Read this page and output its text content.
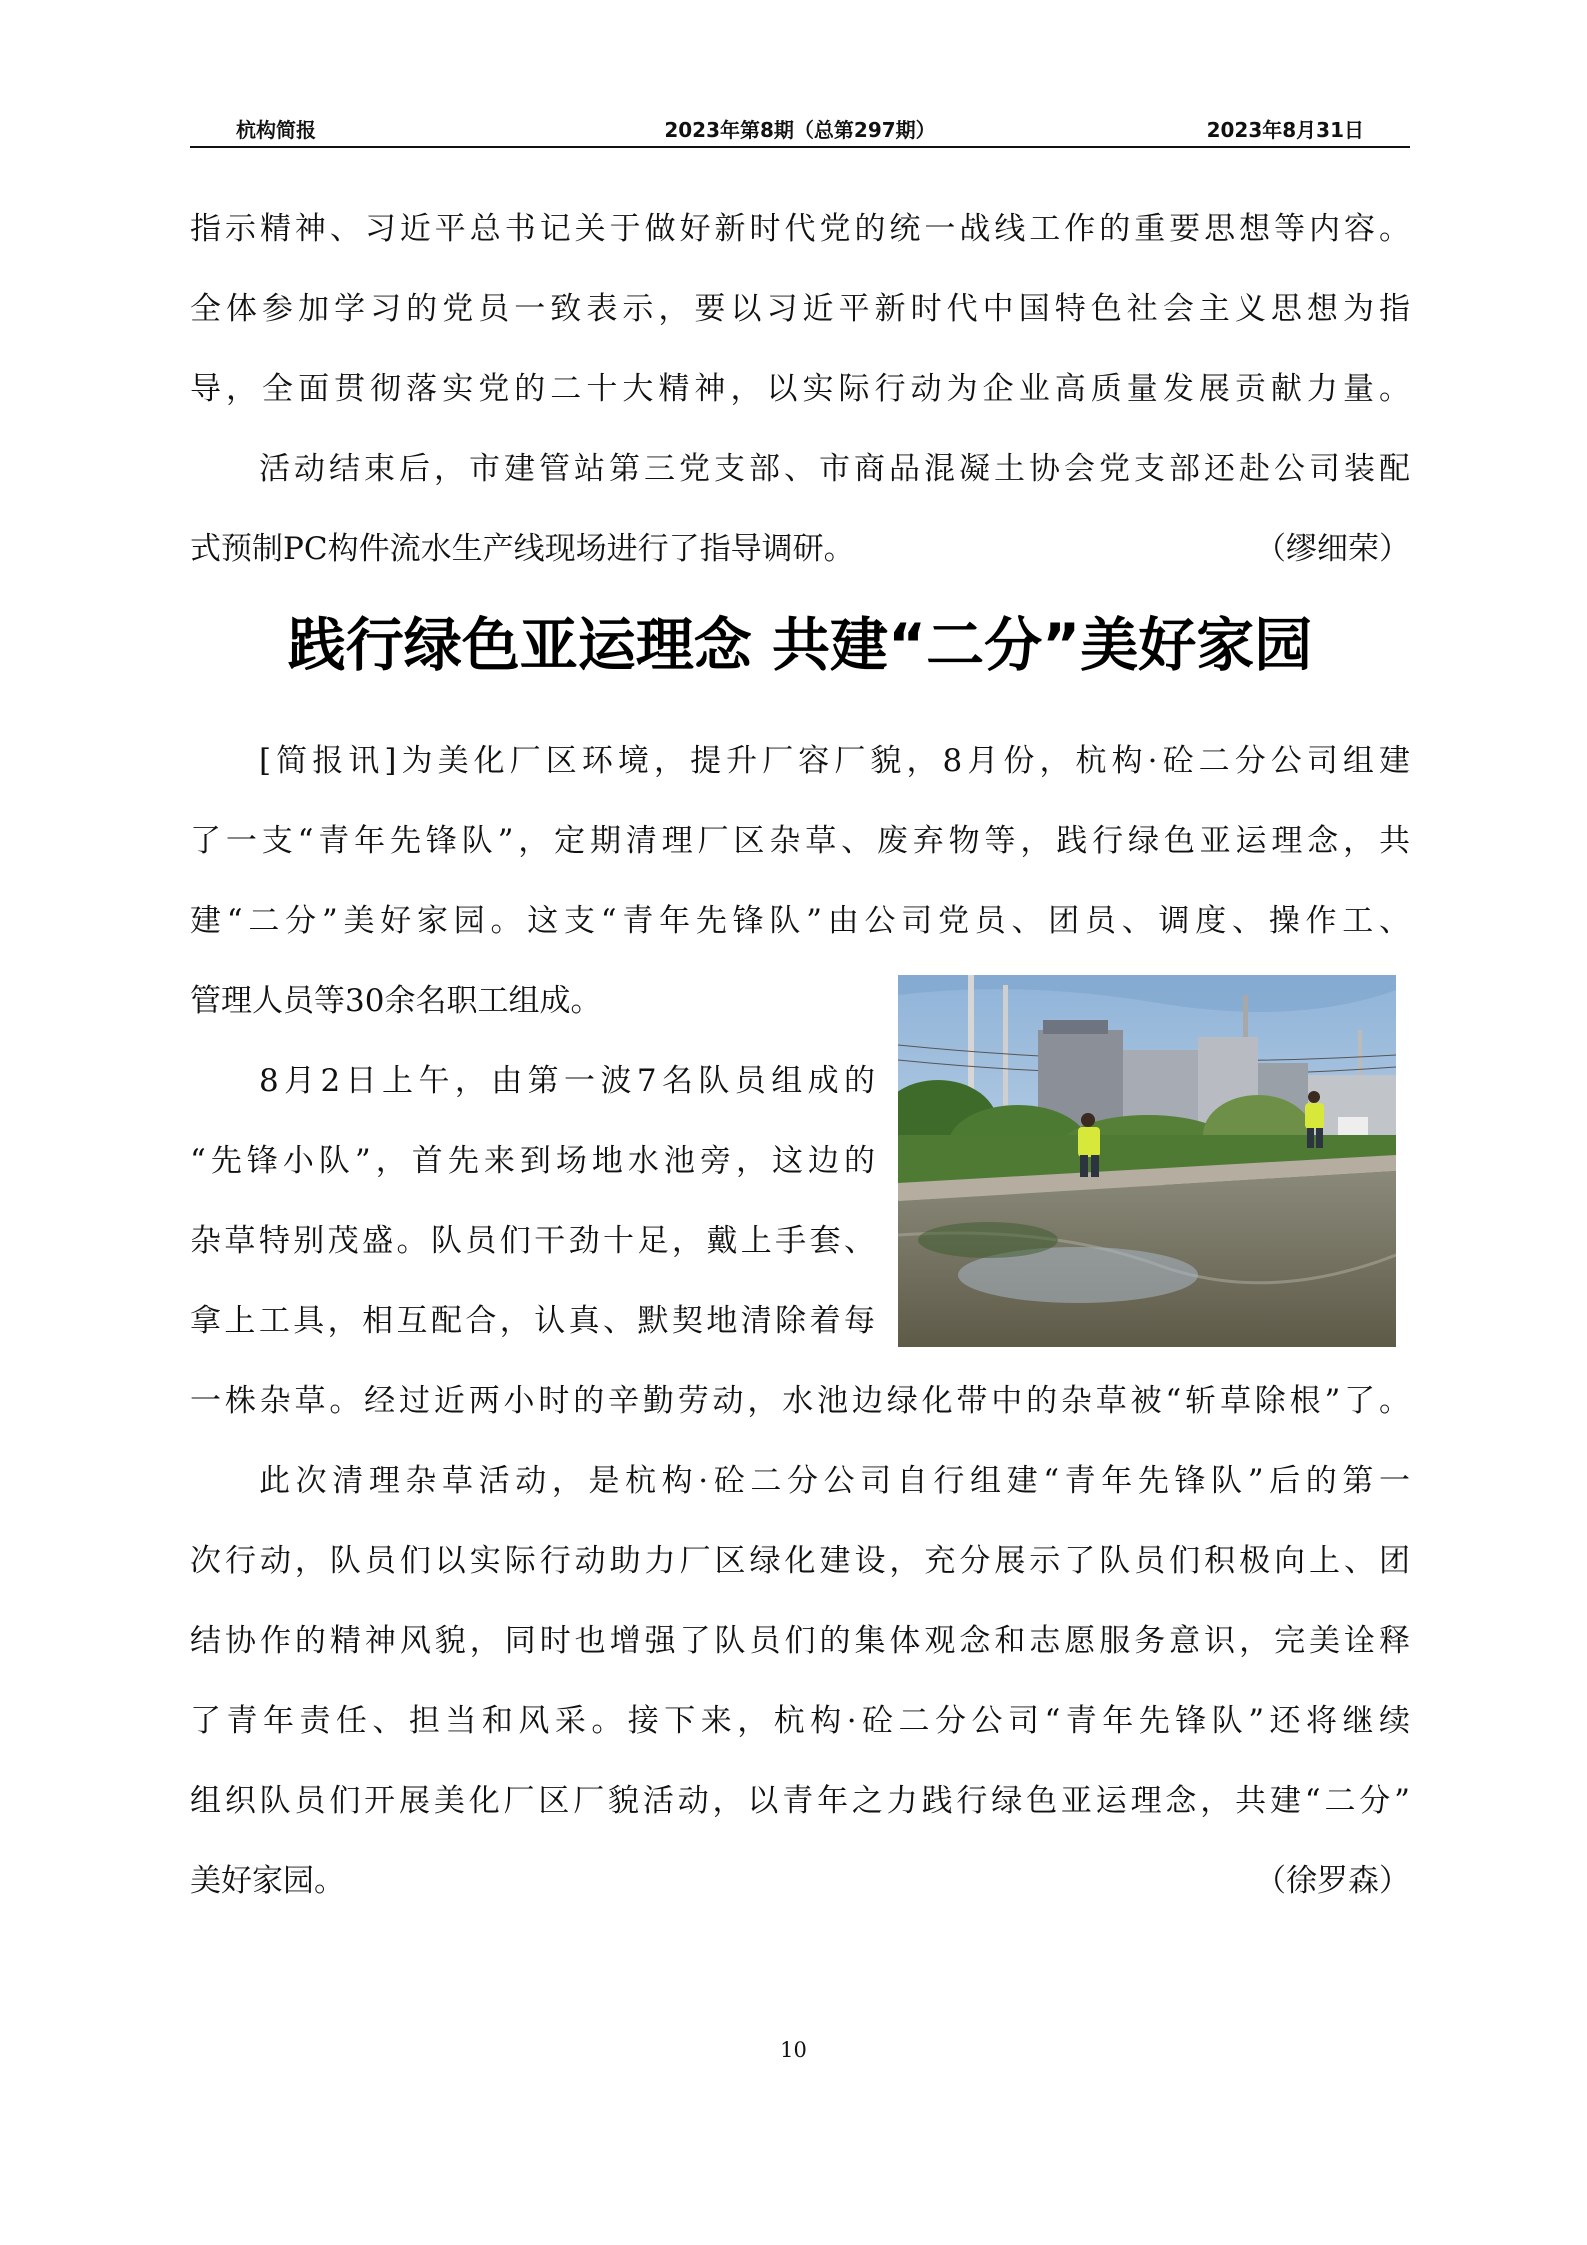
杭构简报	2023年第8期（总第297期）	2023年8月31日
指示精神、习近平总书记关于做好新时代党的统一战线工作的重要思想等内容。
全体参加学习的党员一致表示，要以习近平新时代中国特色社会主义思想为指
导，全面贯彻落实党的二十大精神，以实际行动为企业高质量发展贡献力量。
活动结束后，市建管站第三党支部、市商品混凝土协会党支部还赴公司装配
式预制PC构件流水生产线现场进行了指导调研。	（缪细荣）
践行绿色亚运理念 共建“二分”美好家园
[简报讯]为美化厂区环境，提升厂容厂貌，8月份，杭构·砼二分公司组建
了一支“青年先锋队”，定期清理厂区杂草、废弃物等，践行绿色亚运理念，共
建“二分”美好家园。这支“青年先锋队”由公司党员、团员、调度、操作工、
管理人员等30余名职工组成。
8月2日上午，由第一波7名队员组成的
“先锋小队”，首先来到场地水池旁，这边的
杂草特别茂盛。队员们干劲十足，戴上手套、
拿上工具，相互配合，认真、默契地清除着每
一株杂草。经过近两小时的辛勤劳动，水池边绿化带中的杂草被“斩草除根”了。
此次清理杂草活动，是杭构·砼二分公司自行组建“青年先锋队”后的第一
次行动，队员们以实际行动助力厂区绿化建设，充分展示了队员们积极向上、团
结协作的精神风貌，同时也增强了队员们的集体观念和志愿服务意识，完美诠释
了青年责任、担当和风采。接下来，杭构·砼二分公司“青年先锋队”还将继续
组织队员们开展美化厂区厂貌活动，以青年之力践行绿色亚运理念，共建“二分”
美好家园。	（徐罗森）
10
